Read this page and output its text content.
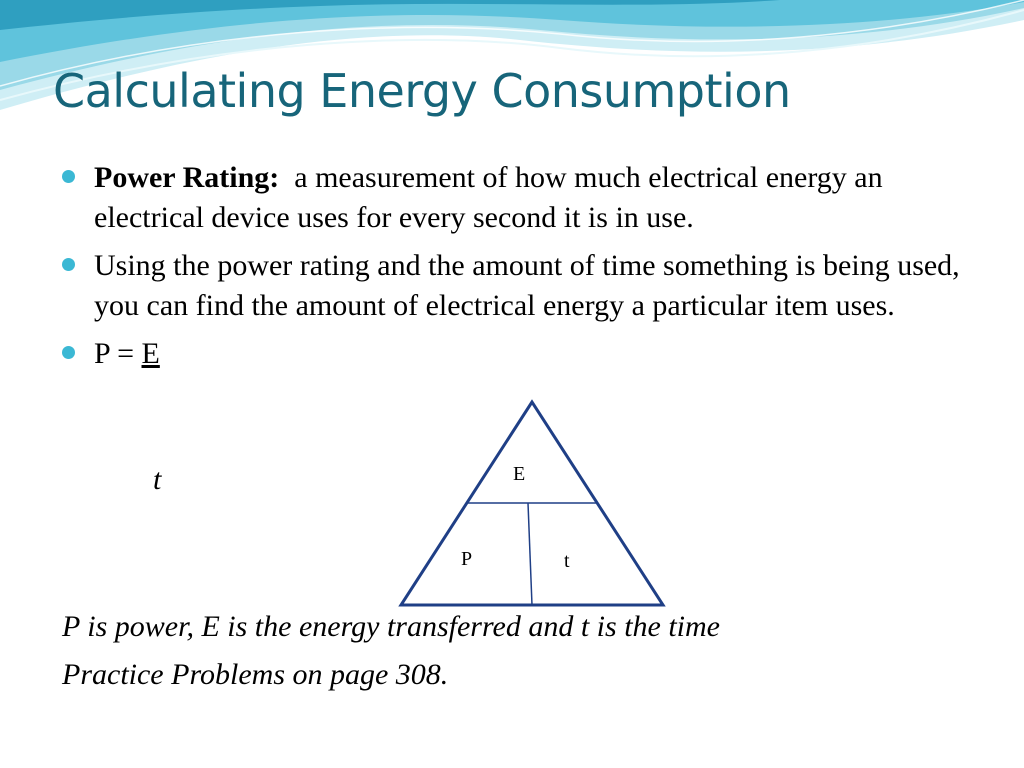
Calculating Energy Consumption
Power Rating: a measurement of how much electrical energy an electrical device uses for every second it is in use.
Using the power rating and the amount of time something is being used, you can find the amount of electrical energy a particular item uses.
P = E
t	E
P	t
P is power, E is the energy transferred and t is the time
Practice Problems on page 308.
